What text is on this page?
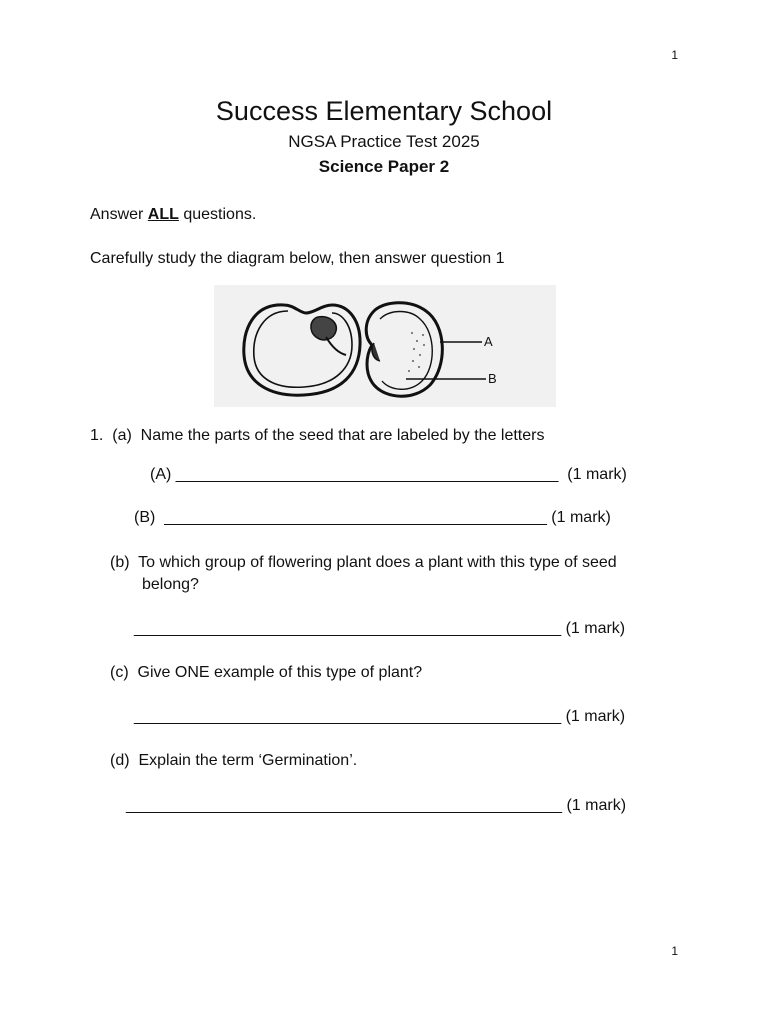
1
Success Elementary School
NGSA Practice Test 2025
Science Paper 2
Answer ALL questions.
Carefully study the diagram below, then answer question 1
A
B
1.  (a)  Name the parts of the seed that are labeled by the letters
(A) ___________________________________________  (1 mark)
(B)  ___________________________________________ (1 mark)
(b)  To which group of flowering plant does a plant with this type of seed
belong?
________________________________________________ (1 mark)
(c)  Give ONE example of this type of plant?
________________________________________________ (1 mark)
(d)  Explain the term ‘Germination’.
_________________________________________________ (1 mark)
1
